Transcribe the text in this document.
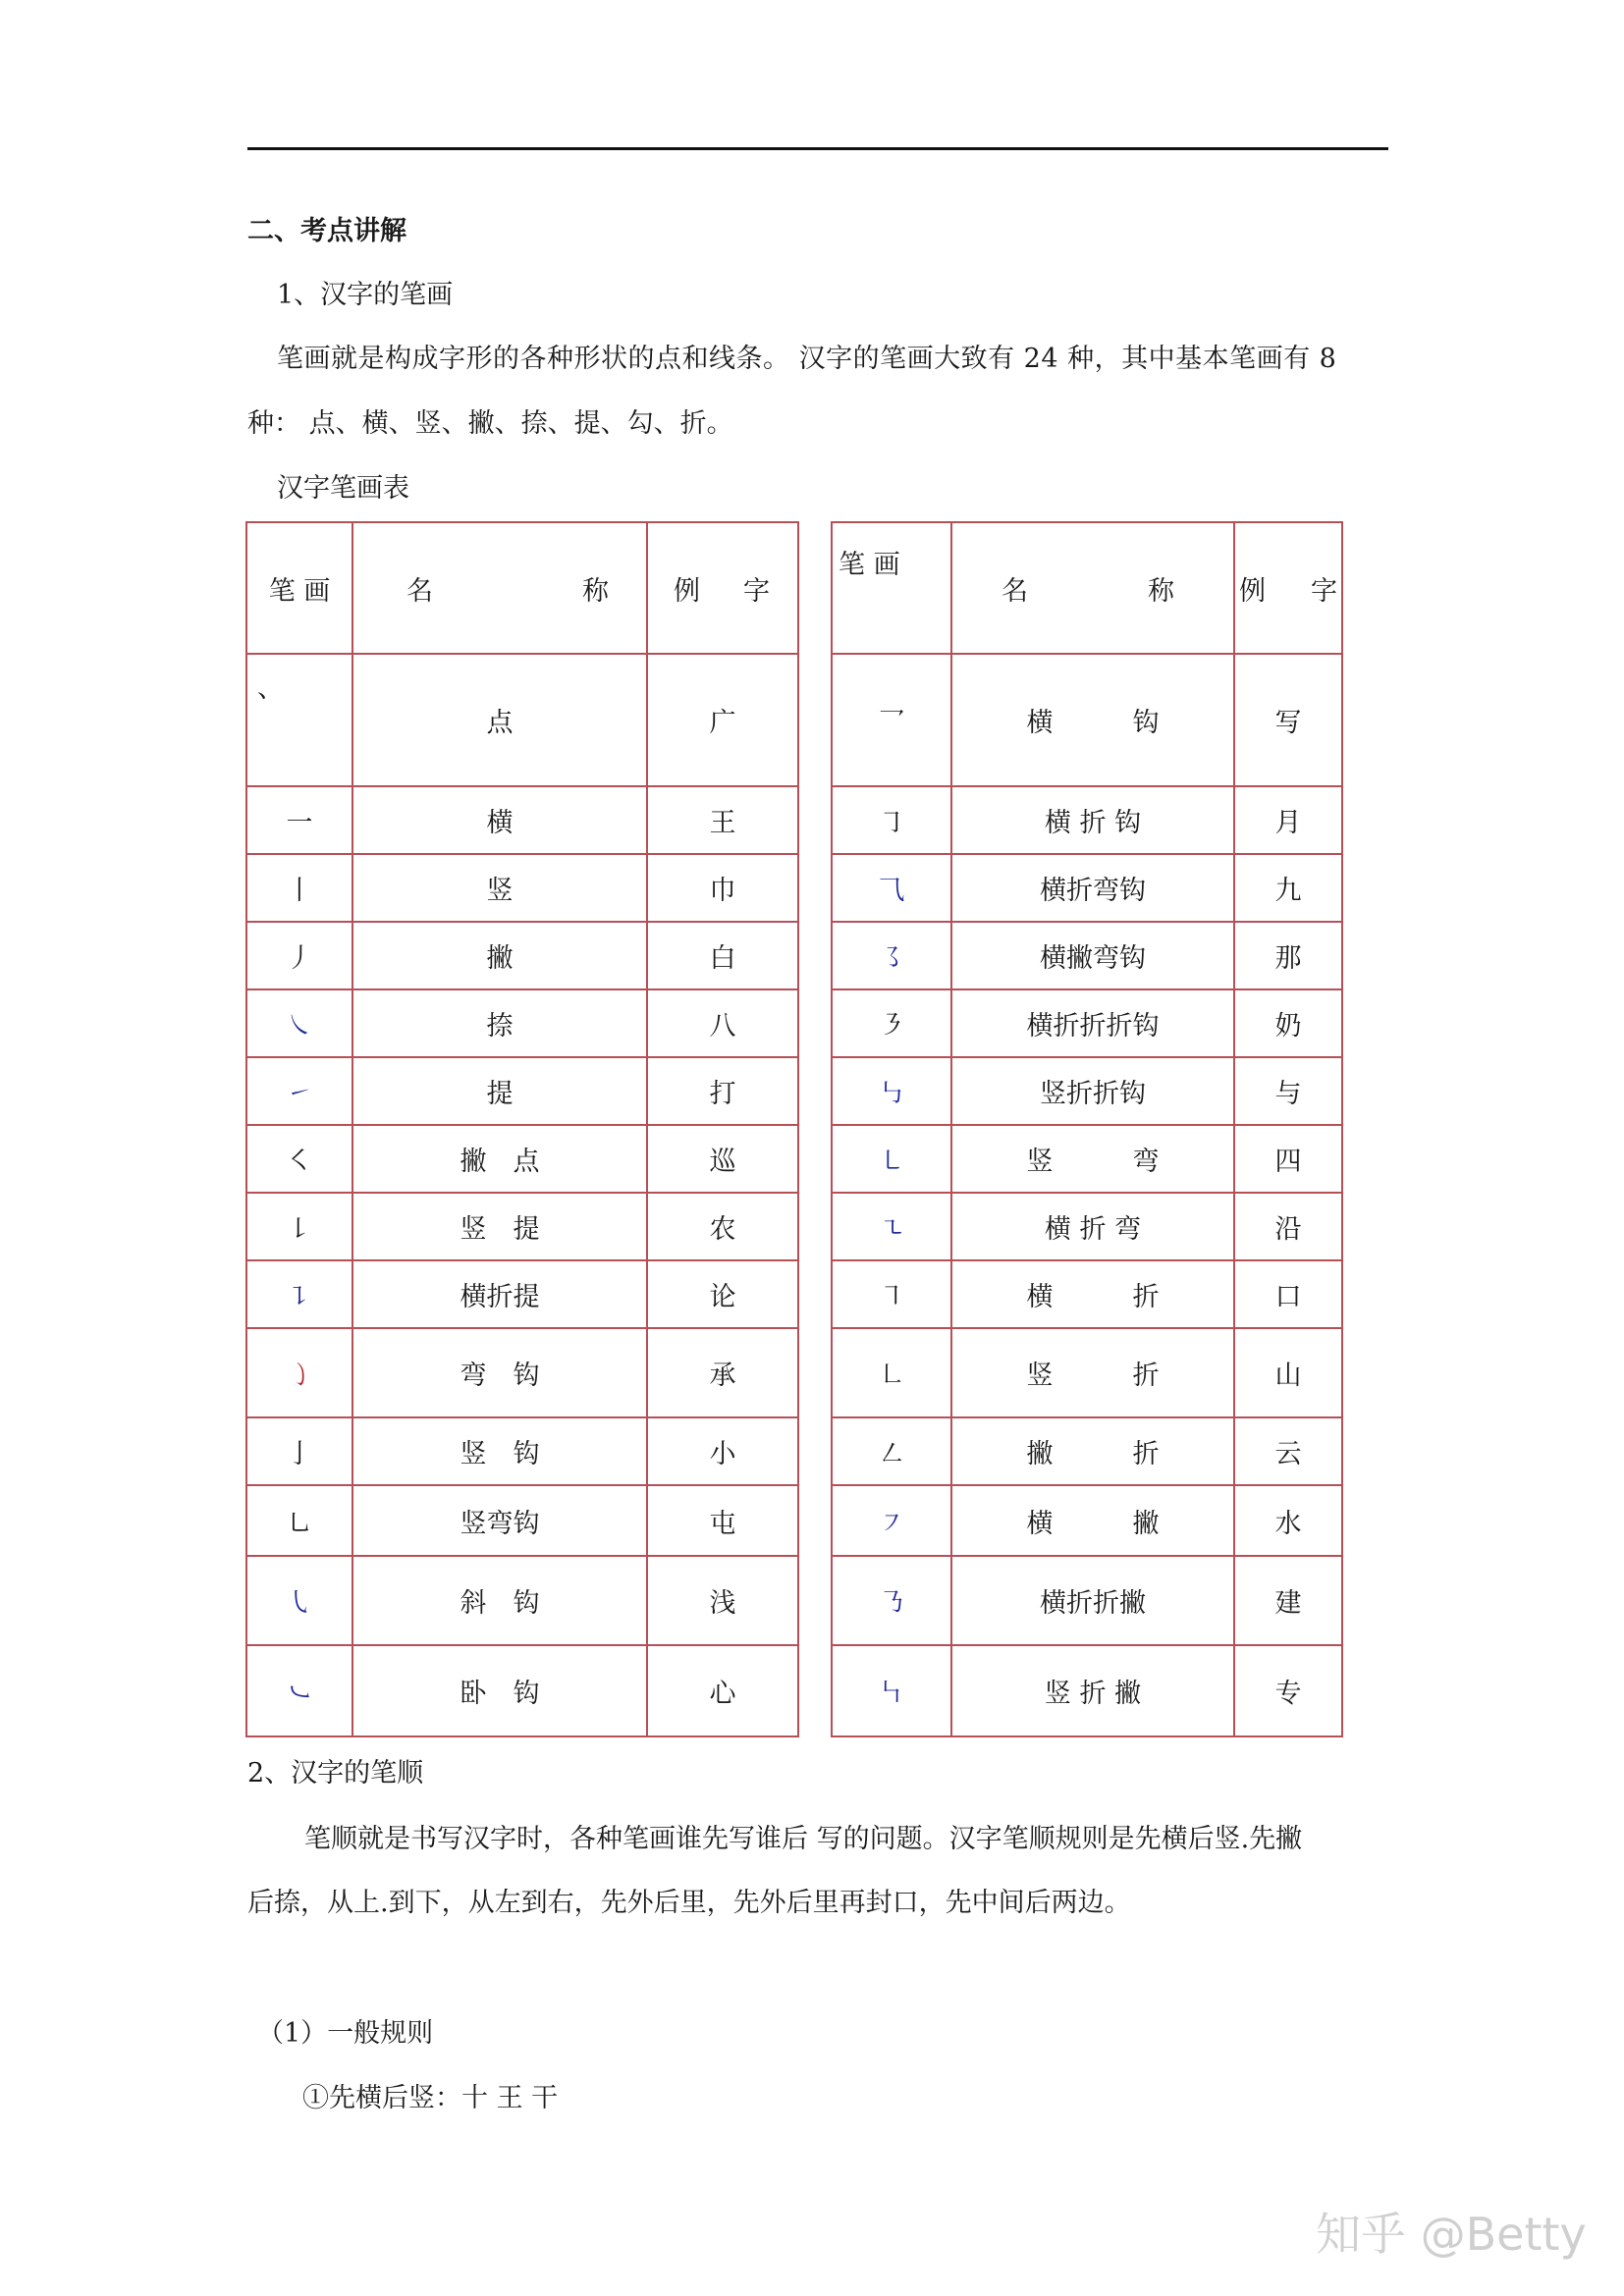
二、考点讲解
1、汉字的笔画
笔画就是构成字形的各种形状的点和线条。 汉字的笔画大致有 24 种，其中基本笔画有 8
种： 点、横、竖、撇、捺、提、勾、折。
汉字笔画表
笔 画	名 称	例 字		笔 画	名 称	例 字

、	点	广		乛	横　　　钩	写
一	横	王		㇆	横 折 钩	月
丨	竖	巾		⺄	横折弯钩	九
丿	撇	白		㇌	横撇弯钩	那
㇏	捺	八		㇋	横折折折钩	奶
㇀	提	打		㇉	竖折折钩	与
㇛	撇　点	巡		㇄	竖　　　弯	四
㇙	竖　提	农		㇍	横 折 弯	沿
㇊	横折提	论		㇕	横　　　折	口
㇁	弯　钩	承		㇗	竖　　　折	山
亅	竖　钩	小		㇜	撇　　　折	云
㇟	竖弯钩	屯		㇇	横　　　撇	水
㇂	斜　钩	浅		㇡	横折折撇	建
㇃	卧　钩	心		㇞	竖 折 撇	专
2、汉字的笔顺
笔顺就是书写汉字时，各种笔画谁先写谁后 写的问题。汉字笔顺规则是先横后竖.先撇
后捺，从上.到下，从左到右，先外后里，先外后里再封口，先中间后两边。
（1）一般规则
①先横后竖：十 王 干
知乎 @Betty
